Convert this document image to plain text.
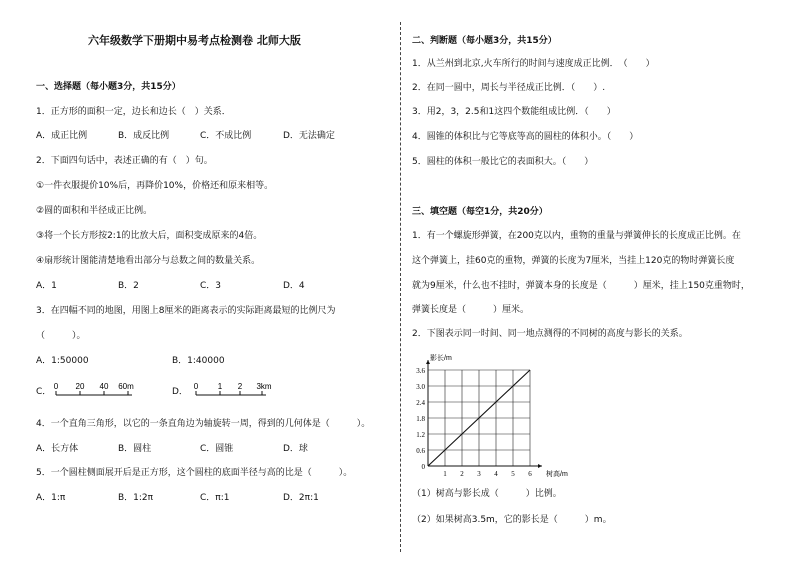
六年级数学下册期中易考点检测卷 北师大版
一、选择题（每小题3分，共15分）
1．正方形的面积一定，边长和边长（　）关系．
A．成正比例	B．成反比例	C．不成比例	D．无法确定
2．下面四句话中，表述正确的有（　）句。
①一件衣服提价10%后，再降价10%，价格还和原来相等。
②圆的面积和半径成正比例。
③将一个长方形按2:1的比放大后，面积变成原来的4倍。
④扇形统计图能清楚地看出部分与总数之间的数量关系。
A．1	B．2	C．3	D．4
3．在四幅不同的地图，用图上8厘米的距离表示的实际距离最短的比例尺为
（　　　）。
A．1:50000	B．1:40000
C．
0 20 40 60m
D．
0 1 2 3km
4．一个直角三角形，以它的一条直角边为轴旋转一周，得到的几何体是（　　　）。
A．长方体	B．圆柱	C．圆锥	D．球
5．一个圆柱侧面展开后是正方形，这个圆柱的底面半径与高的比是（　　　）。
A．1:π	B．1:2π	C．π:1	D．2π:1
二、判断题（每小题3分，共15分）
1．从兰州到北京,火车所行的时间与速度成正比例．　（　　）
2．在同一圆中，周长与半径成正比例．（　　）.
3．用2，3，2.5和1这四个数能组成比例．（　　）
4．圆锥的体积比与它等底等高的圆柱的体积小。（　　）
5．圆柱的体积一般比它的表面积大。（　　）
三、填空题（每空1分，共20分）
1．有一个螺旋形弹簧，在200克以内，重物的重量与弹簧伸长的长度成正比例。在
这个弹簧上，挂60克的重物，弹簧的长度为7厘米，当挂上120克的物时弹簧长度
就为9厘米，什么也不挂时，弹簧本身的长度是（　　　）厘米，挂上150克重物时，
弹簧长度是（　　　）厘米。
2．下图表示同一时间、同一地点测得的不同树的高度与影长的关系。
1 2 3 4 5 6
0.6
1.2
1.8
2.4
3.0
3.6
0
影长/m
树高/m
（1）树高与影长成（　　　）比例。
（2）如果树高3.5m，它的影长是（　　　）m。
